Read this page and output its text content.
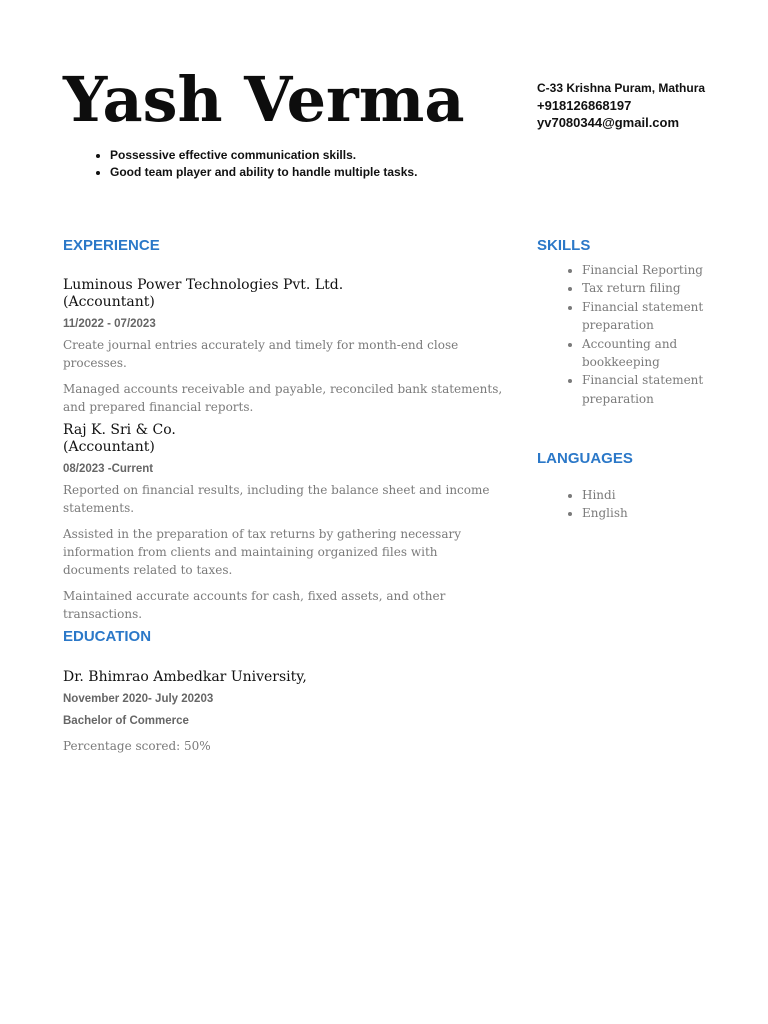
Yash Verma	C-33 Krishna Puram, Mathura
+918126868197
yv7080344@gmail.com
• Possessive effective communication skills.
• Good team player and ability to handle multiple tasks.
EXPERIENCE
Luminous Power Technologies Pvt. Ltd.
(Accountant)
11/2022 - 07/2023

Create journal entries accurately and timely for month-end close processes.

Managed accounts receivable and payable, reconciled bank statements, and prepared financial reports.

Raj K. Sri & Co.
(Accountant)
08/2023 -Current

Reported on financial results, including the balance sheet and income statements.

Assisted in the preparation of tax returns by gathering necessary information from clients and maintaining organized files with documents related to taxes.

Maintained accurate accounts for cash, fixed assets, and other transactions.

EDUCATION
Dr. Bhimrao Ambedkar University,
November 2020- July 20203
Bachelor of Commerce

Percentage scored: 50%

SKILLS
• Financial Reporting
• Tax return filing
• Financial statement preparation
• Accounting and bookkeeping
• Financial statement preparation
LANGUAGES
• Hindi
• English
